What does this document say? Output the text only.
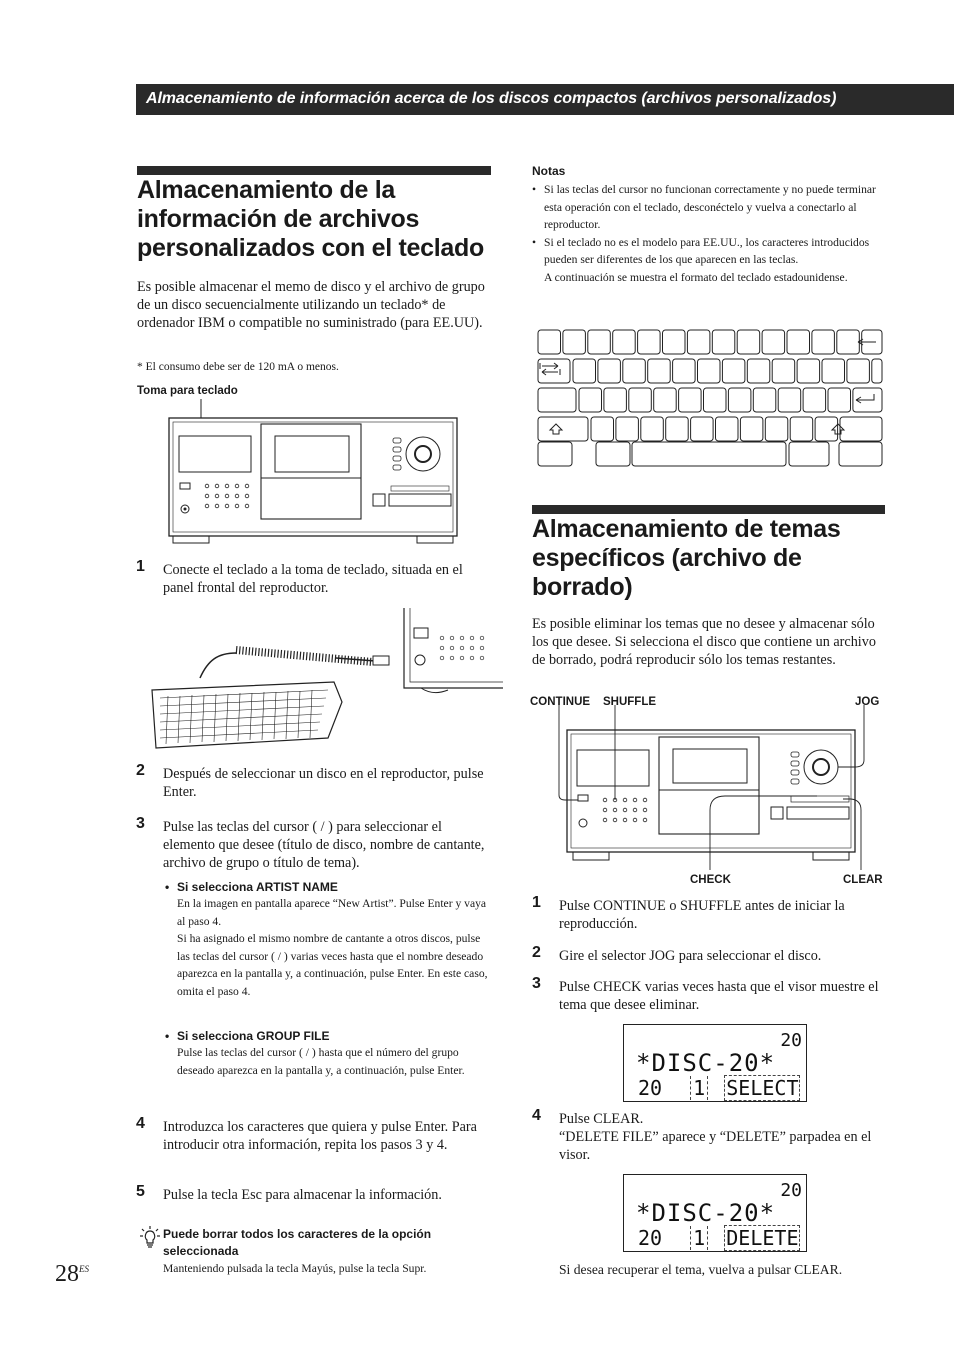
Almacenamiento de información acerca de los discos compactos (archivos personalizados)

Almacenamiento de la

información de archivos

personalizados con el teclado

Es posible almacenar el memo de disco y el archivo de grupo de un disco secuencialmente utilizando un teclado* de ordenador IBM o compatible no suministrado (para EE.UU).
* El consumo debe ser de 120 mA o menos.
Toma para teclado
1 Conecte el teclado a la toma de teclado, situada en el panel frontal del reproductor.
2 Después de seleccionar un disco en el reproductor, pulse Enter.
3 Pulse las teclas del cursor ( / ) para seleccionar el elemento que desee (título de disco, nombre de cantante, archivo de grupo o título de tema).
• Si selecciona ARTIST NAME
En la imagen en pantalla aparece “New Artist”. Pulse Enter y vaya al paso 4.
Si ha asignado el mismo nombre de cantante a otros discos, pulse las teclas del cursor ( / ) varias veces hasta que el nombre deseado aparezca en la pantalla y, a continuación, pulse Enter. En este caso, omita el paso 4.
• Si selecciona GROUP FILE
Pulse las teclas del cursor ( / ) hasta que el número del grupo deseado aparezca en la pantalla y, a continuación, pulse Enter.
4 Introduzca los caracteres que quiera y pulse Enter. Para introducir otra información, repita los pasos 3 y 4.
5 Pulse la tecla Esc para almacenar la información.
Puede borrar todos los caracteres de la opción seleccionada
Manteniendo pulsada la tecla Mayús, pulse la tecla Supr.
$28^{ES}$
Notas
• Si las teclas del cursor no funcionan correctamente y no puede terminar esta operación con el teclado, desconéctelo y vuelva a conectarlo al reproductor.
• Si el teclado no es el modelo para EE.UU., los caracteres introducidos pueden ser diferentes de los que aparecen en las teclas.
A continuación se muestra el formato del teclado estadounidense.

Almacenamiento de temas

específicos (archivo de

borrado)

Es posible eliminar los temas que no desee y almacenar sólo los que desee. Si selecciona el disco que contiene un archivo de borrado, podrá reproducir sólo los temas restantes.
CONTINUE SHUFFLE	JOG
CHECK	CLEAR
1 Pulse CONTINUE o SHUFFLE antes de iniciar la reproducción.
2 Gire el selector JOG para seleccionar el disco.
3 Pulse CHECK varias veces hasta que el visor muestre el tema que desee eliminar.
20
*DISC-20*
20 1 SELECT
4 Pulse CLEAR.
“DELETE FILE” aparece y “DELETE” parpadea en el visor.
20
*DISC-20*
20 1 DELETE
Si desea recuperar el tema, vuelva a pulsar CLEAR.
